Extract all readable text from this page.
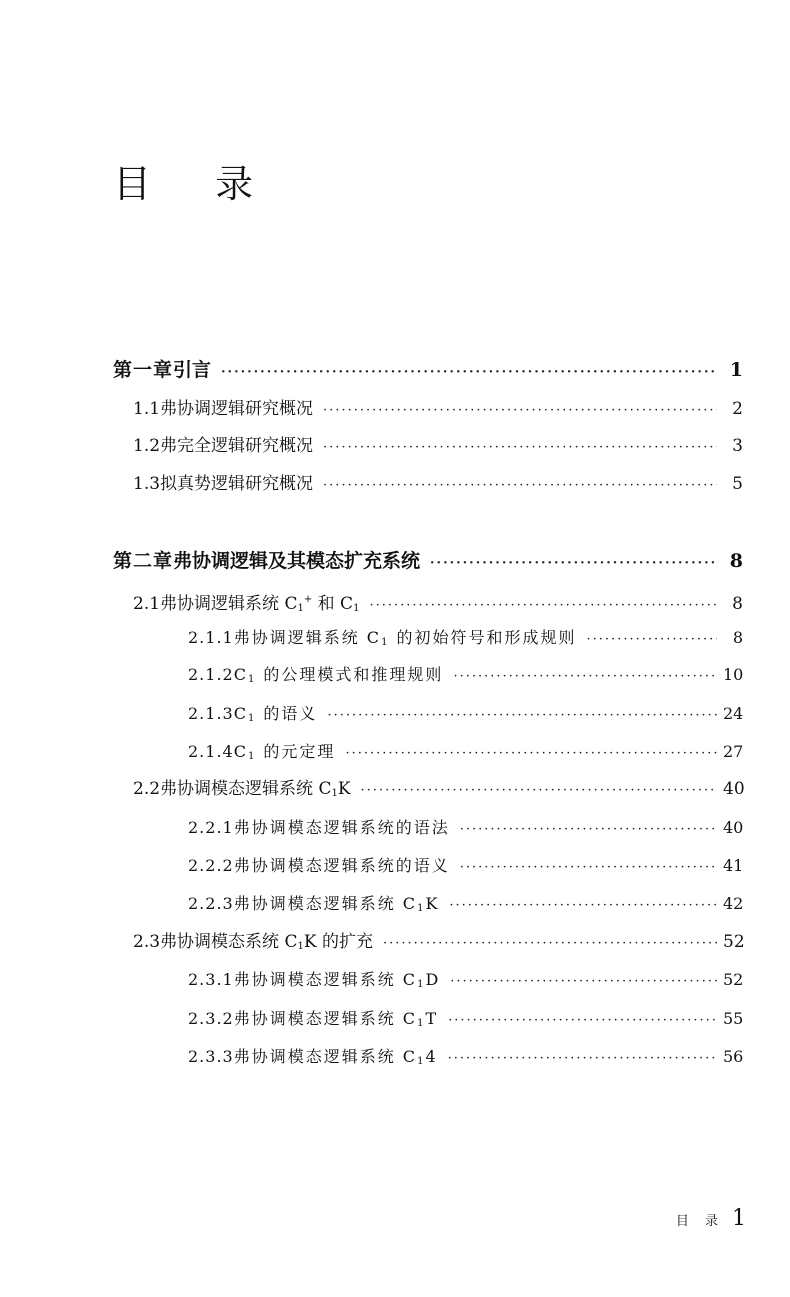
目 录
第一章 引言 ·····	1
1.1 弗协调逻辑研究概况 ·····	2
1.2 弗完全逻辑研究概况 ·····	3
1.3 拟真势逻辑研究概况 ·····	5
第二章 弗协调逻辑及其模态扩充系统 ·····	8
2.1 弗协调逻辑系统 $C_1^+$ 和 $C_1$ ·····	8
2.1.1 弗协调逻辑系统 $C_1$ 的初始符号和形成规则 ·····	8
2.1.2 $C_1$ 的公理模式和推理规则 ·····	10
2.1.3 $C_1$ 的语义 ·····	24
2.1.4 $C_1$ 的元定理 ·····	27
2.2 弗协调模态逻辑系统 $C_1K$ ·····	40
2.2.1 弗协调模态逻辑系统的语法 ·····	40
2.2.2 弗协调模态逻辑系统的语义 ·····	41
2.2.3 弗协调模态逻辑系统 $C_1K$ ·····	42
2.3 弗协调模态系统 $C_1K$ 的扩充 ·····	52
2.3.1 弗协调模态逻辑系统 $C_1D$ ·····	52
2.3.2 弗协调模态逻辑系统 $C_1T$ ·····	55
2.3.3 弗协调模态逻辑系统 $C_14$ ·····	56
目 录 1
